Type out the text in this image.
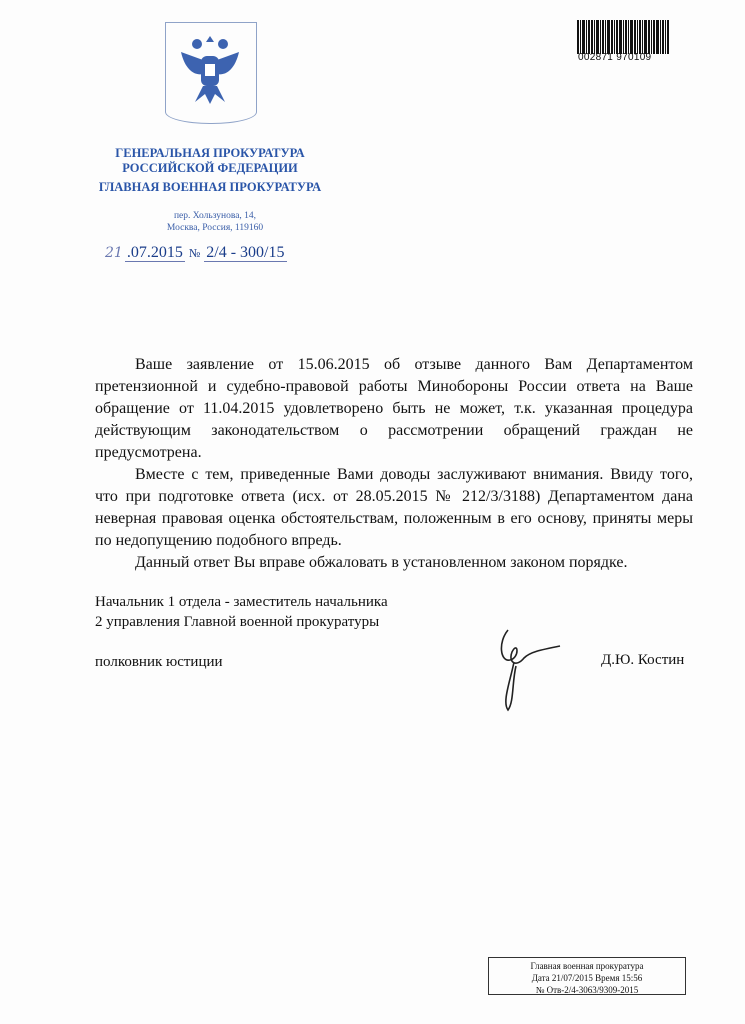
002871 970109
ГЕНЕРАЛЬНАЯ ПРОКУРАТУРА
РОССИЙСКОЙ ФЕДЕРАЦИИ
ГЛАВНАЯ ВОЕННАЯ ПРОКУРАТУРА
пер. Хользунова, 14,
Москва, Россия, 119160
21 .07.2015 № 2/4 - 300/15

Ваше заявление от 15.06.2015 об отзыве данного Вам Департаментом претензионной и судебно-правовой работы Минобороны России ответа на Ваше обращение от 11.04.2015 удовлетворено быть не может, т.к. указанная процедура действующим законодательством о рассмотрении обращений граждан не предусмотрена.

Вместе с тем, приведенные Вами доводы заслуживают внимания. Ввиду того, что при подготовке ответа (исх. от 28.05.2015 № 212/3/3188) Департаментом дана неверная правовая оценка обстоятельствам, положенным в его основу, приняты меры по недопущению подобного впредь.

Данный ответ Вы вправе обжаловать в установленном законом порядке.

Начальник 1 отдела - заместитель начальника
2 управления Главной военной прокуратуры
полковник юстиции	Д.Ю. Костин
Главная военная прокуратура
Дата 21/07/2015 Время 15:56
№ Отв-2/4-3063/9309-2015
